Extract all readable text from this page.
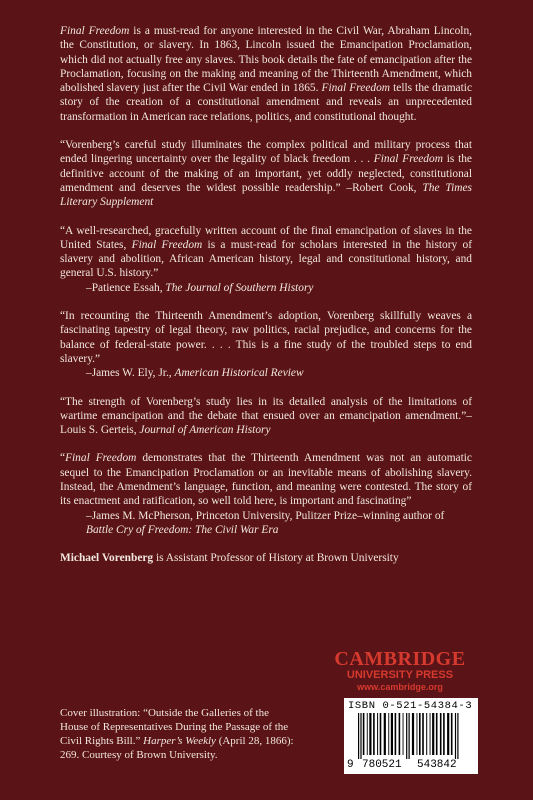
Final Freedom is a must-read for anyone interested in the Civil War, Abraham Lincoln, the Constitution, or slavery. In 1863, Lincoln issued the Emancipation Proclamation, which did not actually free any slaves. This book details the fate of emancipation after the Proclamation, focusing on the making and meaning of the Thirteenth Amendment, which abolished slavery just after the Civil War ended in 1865. Final Freedom tells the dramatic story of the creation of a constitutional amendment and reveals an unprecedented transformation in American race relations, politics, and constitutional thought.

“Vorenberg’s careful study illuminates the complex political and military process that ended lingering uncertainty over the legality of black freedom . . . Final Freedom is the definitive account of the making of an important, yet oddly neglected, constitutional amendment and deserves the widest possible readership.” –Robert Cook, The Times Literary Supplement

“A well-researched, gracefully written account of the final emancipation of slaves in the United States, Final Freedom is a must-read for scholars interested in the history of slavery and abolition, African American history, legal and constitutional history, and general U.S. history.”
–Patience Essah, The Journal of Southern History

“In recounting the Thirteenth Amendment’s adoption, Vorenberg skillfully weaves a fascinating tapestry of legal theory, raw politics, racial prejudice, and concerns for the balance of federal-state power. . . . This is a fine study of the troubled steps to end slavery.”
–James W. Ely, Jr., American Historical Review

“The strength of Vorenberg’s study lies in its detailed analysis of the limitations of wartime emancipation and the debate that ensued over an emancipation amendment.”–Louis S. Gerteis, Journal of American History

“Final Freedom demonstrates that the Thirteenth Amendment was not an automatic sequel to the Emancipation Proclamation or an inevitable means of abolishing slavery. Instead, the Amendment’s language, function, and meaning were contested. The story of its enactment and ratification, so well told here, is important and fascinating”
–James M. McPherson, Princeton University, Pulitzer Prize–winning author of Battle Cry of Freedom: The Civil War Era

Michael Vorenberg is Assistant Professor of History at Brown University

CAMBRIDGE
UNIVERSITY PRESS
www.cambridge.org

Cover illustration: “Outside the Galleries of the House of Representatives During the Passage of the Civil Rights Bill.” Harper’s Weekly (April 28, 1866): 269. Courtesy of Brown University.

ISBN 0-521-54384-3
9 780521 543842
